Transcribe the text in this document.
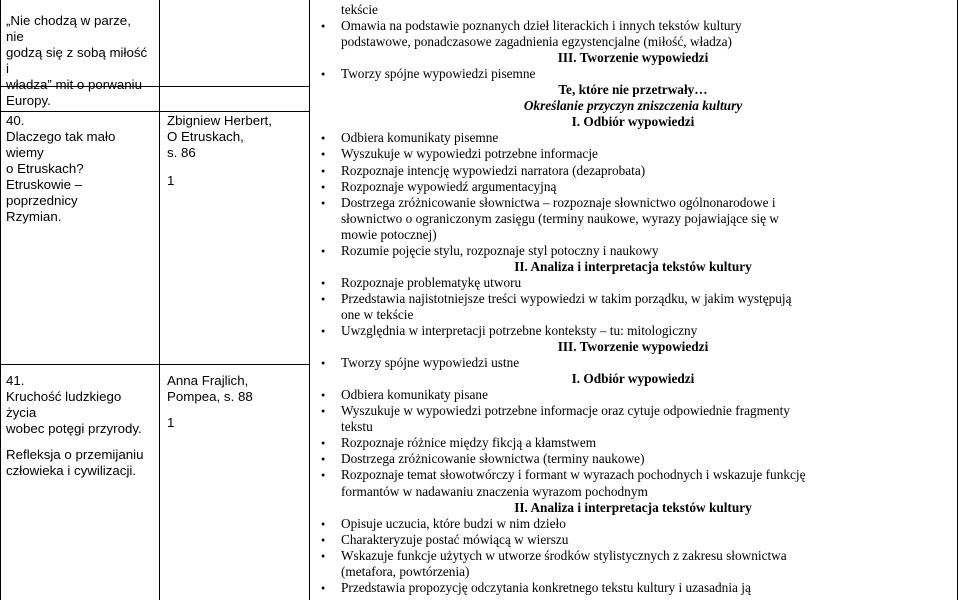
„Nie chodzą w parze, nie
godzą się z sobą miłość i
władza” mit o porwaniu
Europy.
40.
Dlaczego tak mało wiemy
o Etruskach?
Etruskowie – poprzednicy
Rzymian.
41.
Kruchość ludzkiego życia
wobec potęgi przyrody.
Refleksja o przemijaniu
człowieka i cywilizacji.
Zbigniew Herbert,
O Etruskach,
s. 86
1
Anna Frajlich,
Pompea, s. 88
1
tekście
● Omawia na podstawie poznanych dzieł literackich i innych tekstów kultury
podstawowe, ponadczasowe zagadnienia egzystencjalne (miłość, władza)
III. Tworzenie wypowiedzi
● Tworzy spójne wypowiedzi pisemne
Te, które nie przetrwały…
Określanie przyczyn zniszczenia kultury
I. Odbiór wypowiedzi
● Odbiera komunikaty pisemne
● Wyszukuje w wypowiedzi potrzebne informacje
● Rozpoznaje intencję wypowiedzi narratora (dezaprobata)
● Rozpoznaje wypowiedź argumentacyjną
● Dostrzega zróżnicowanie słownictwa – rozpoznaje słownictwo ogólnonarodowe i
słownictwo o ograniczonym zasięgu (terminy naukowe, wyrazy pojawiające się w
mowie potocznej)
● Rozumie pojęcie stylu, rozpoznaje styl potoczny i naukowy
II. Analiza i interpretacja tekstów kultury
● Rozpoznaje problematykę utworu
● Przedstawia najistotniejsze treści wypowiedzi w takim porządku, w jakim występują
one w tekście
● Uwzględnia w interpretacji potrzebne konteksty – tu: mitologiczny
III. Tworzenie wypowiedzi
● Tworzy spójne wypowiedzi ustne
I. Odbiór wypowiedzi
● Odbiera komunikaty pisane
● Wyszukuje w wypowiedzi potrzebne informacje oraz cytuje odpowiednie fragmenty
tekstu
● Rozpoznaje różnice między fikcją a kłamstwem
● Dostrzega zróżnicowanie słownictwa (terminy naukowe)
● Rozpoznaje temat słowotwórczy i formant w wyrazach pochodnych i wskazuje funkcję
formantów w nadawaniu znaczenia wyrazom pochodnym
II. Analiza i interpretacja tekstów kultury
● Opisuje uczucia, które budzi w nim dzieło
● Charakteryzuje postać mówiącą w wierszu
● Wskazuje funkcje użytych w utworze środków stylistycznych z zakresu słownictwa
(metafora, powtórzenia)
● Przedstawia propozycję odczytania konkretnego tekstu kultury i uzasadnia ją
